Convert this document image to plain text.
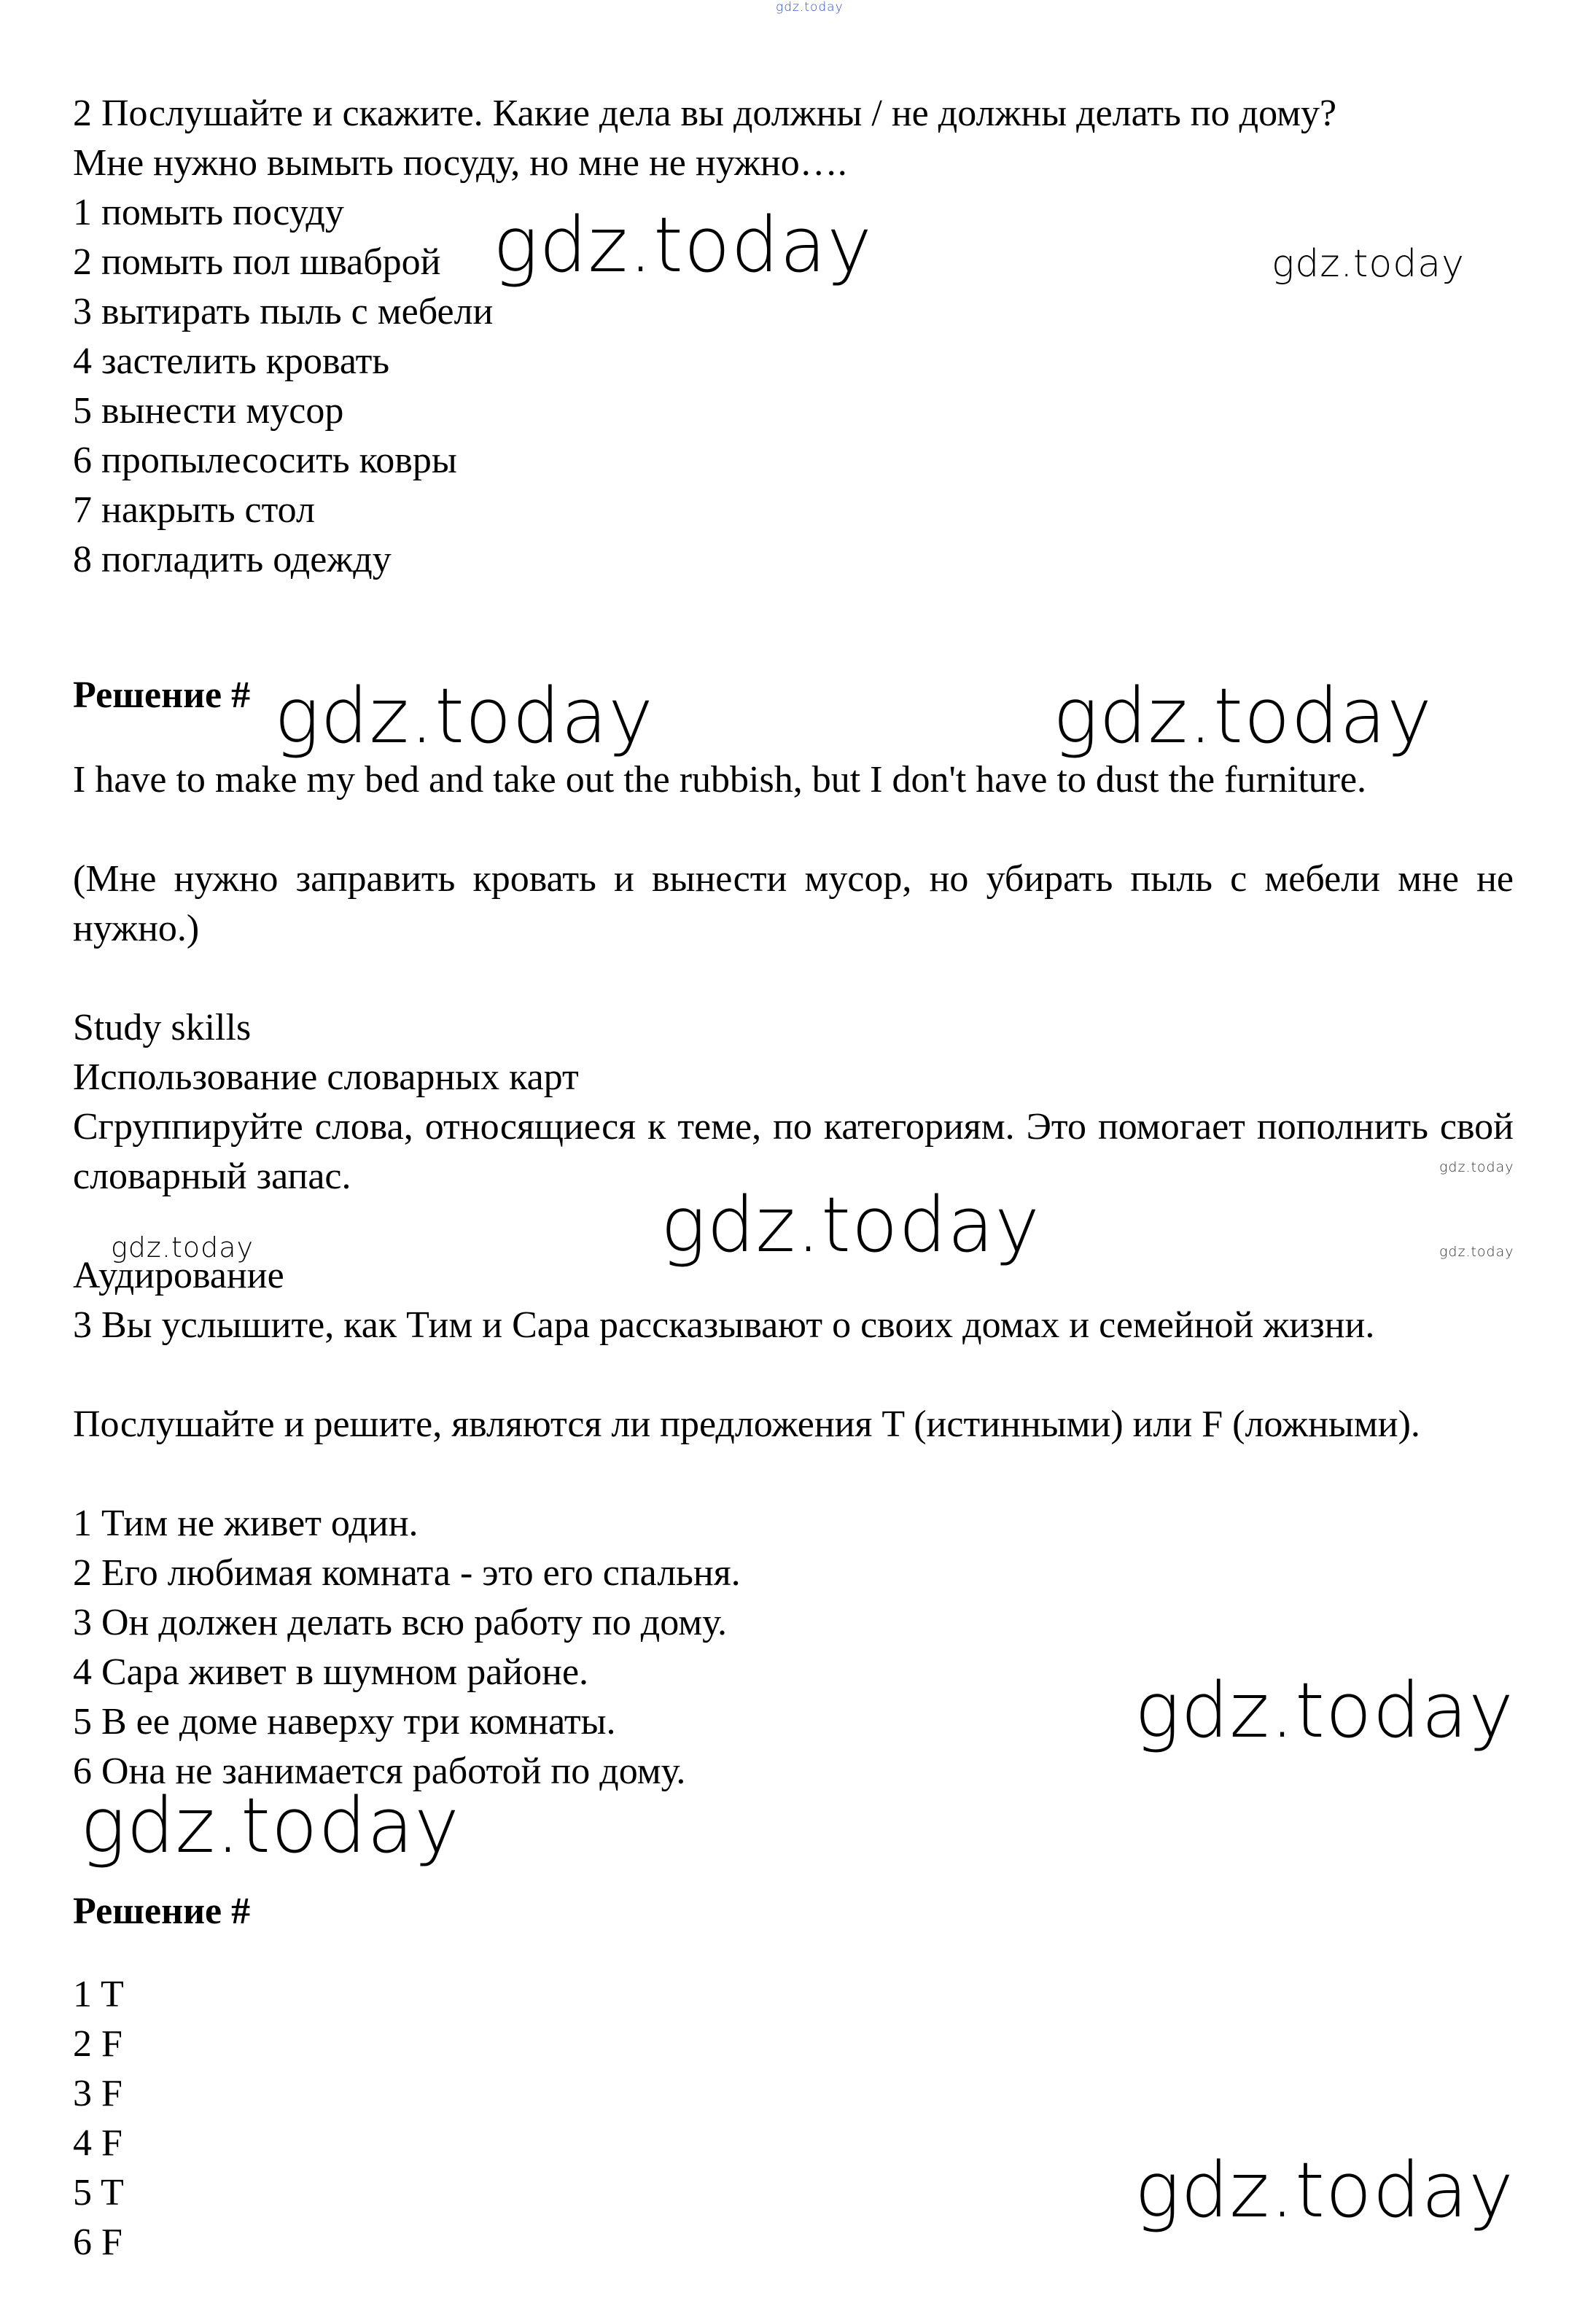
gdz.today
2 Послушайте и скажите. Какие дела вы должны / не должны делать по дому?
Мне нужно вымыть посуду, но мне не нужно….
1 помыть посуду
2 помыть пол шваброй
3 вытирать пыль с мебели
4 застелить кровать
5 вынести мусор
6 пропылесосить ковры
7 накрыть стол
8 погладить одежду
Решение #
I have to make my bed and take out the rubbish, but I don't have to dust the furniture.
(Мне нужно заправить кровать и вынести мусор, но убирать пыль с мебели мне не нужно.)
Study skills
Использование словарных карт
Сгруппируйте слова, относящиеся к теме, по категориям. Это помогает пополнить свой словарный запас.
Аудирование
3 Вы услышите, как Тим и Сара рассказывают о своих домах и семейной жизни.
Послушайте и решите, являются ли предложения T (истинными) или F (ложными).
1 Тим не живет один.
2 Его любимая комната - это его спальня.
3 Он должен делать всю работу по дому.
4 Сара живет в шумном районе.
5 В ее доме наверху три комнаты.
6 Она не занимается работой по дому.
Решение #
1 T
2 F
3 F
4 F
5 T
6 F
gdz.today	gdz.today
gdz.today	gdz.today
gdz.today
gdz.today
gdz.today	gdz.today
gdz.today
gdz.today
gdz.today
